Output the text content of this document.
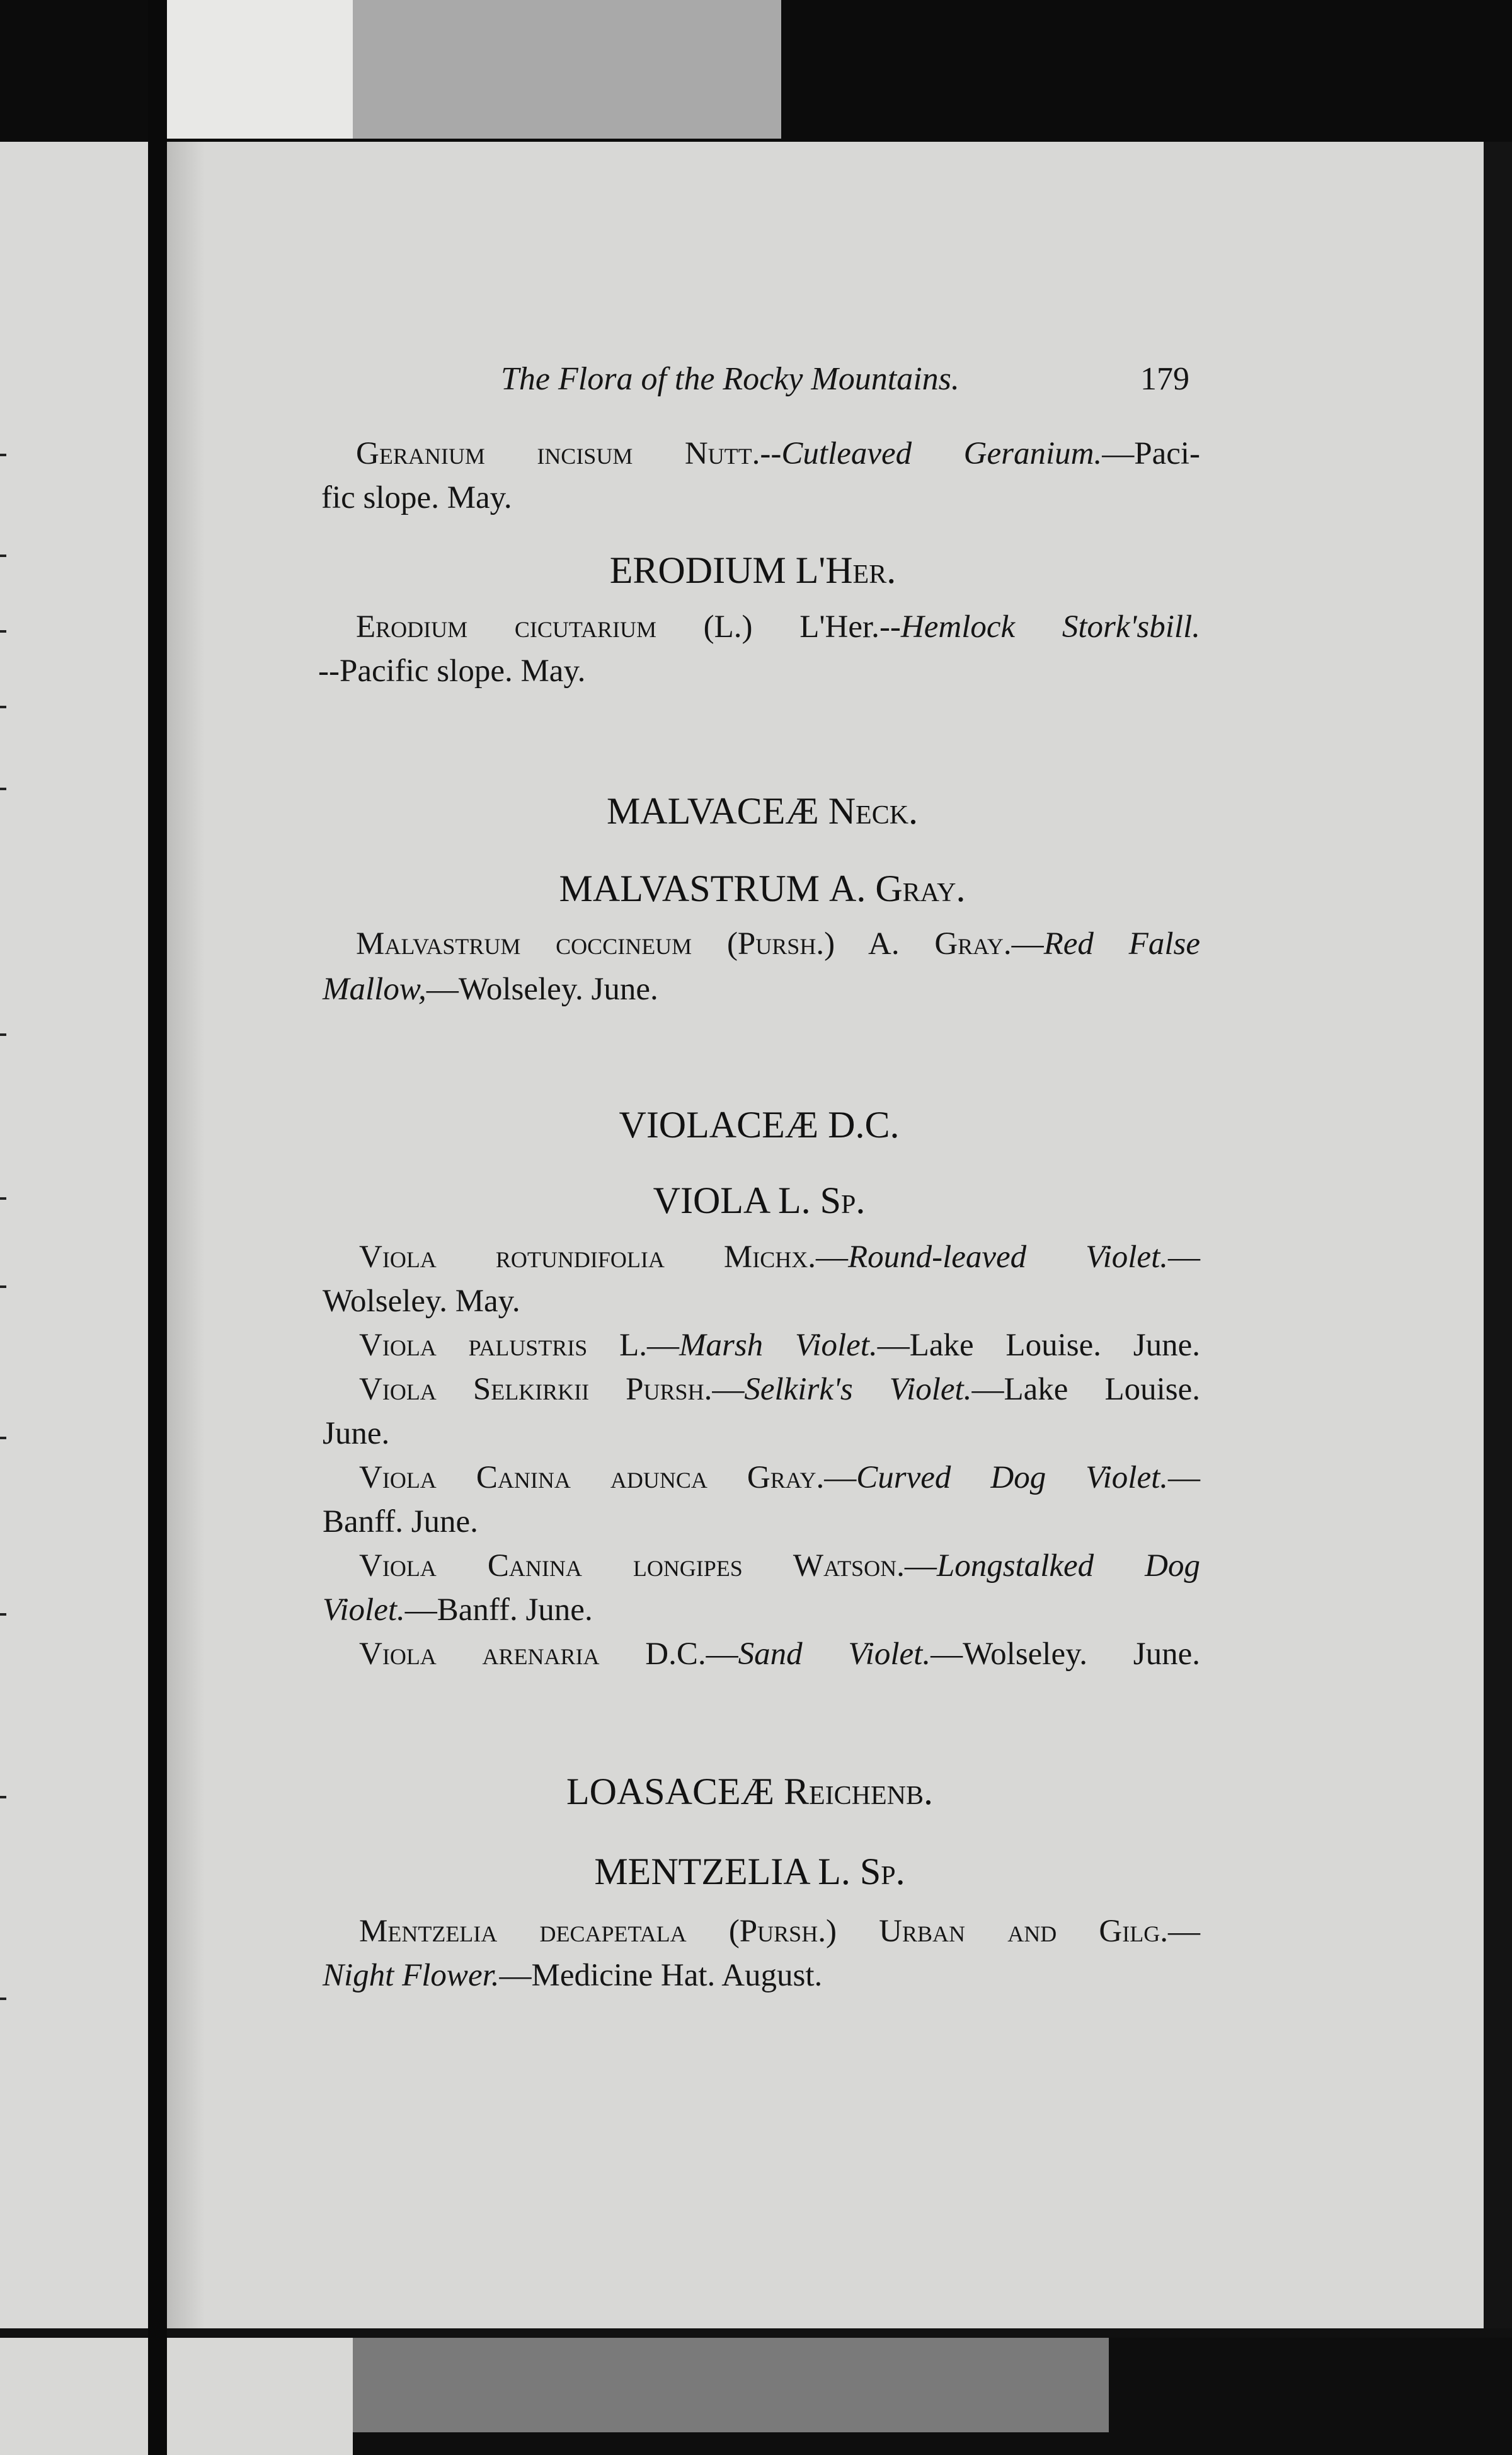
The Flora of the Rocky Mountains.	179
Geranium incisum Nutt.--Cutleaved Geranium.—Paci-
fic slope. May.
ERODIUM L'Her.
Erodium cicutarium (L.) L'Her.--Hemlock Stork'sbill.
--Pacific slope. May.
MALVACEÆ Neck.
MALVASTRUM A. Gray.
Malvastrum coccineum (Pursh.) A. Gray.—Red False
Mallow,—Wolseley. June.
VIOLACEÆ D.C.
VIOLA L. Sp.
Viola rotundifolia Michx.—Round-leaved Violet.—
Wolseley. May.
Viola palustris L.—Marsh Violet.—Lake Louise. June.
Viola Selkirkii Pursh.—Selkirk's Violet.—Lake Louise.
June.
Viola Canina adunca Gray.—Curved Dog Violet.—
Banff. June.
Viola Canina longipes Watson.—Longstalked Dog
Violet.—Banff. June.
Viola arenaria D.C.—Sand Violet.—Wolseley. June.
LOASACEÆ Reichenb.
MENTZELIA L. Sp.
Mentzelia decapetala (Pursh.) Urban and Gilg.—
Night Flower.—Medicine Hat. August.
